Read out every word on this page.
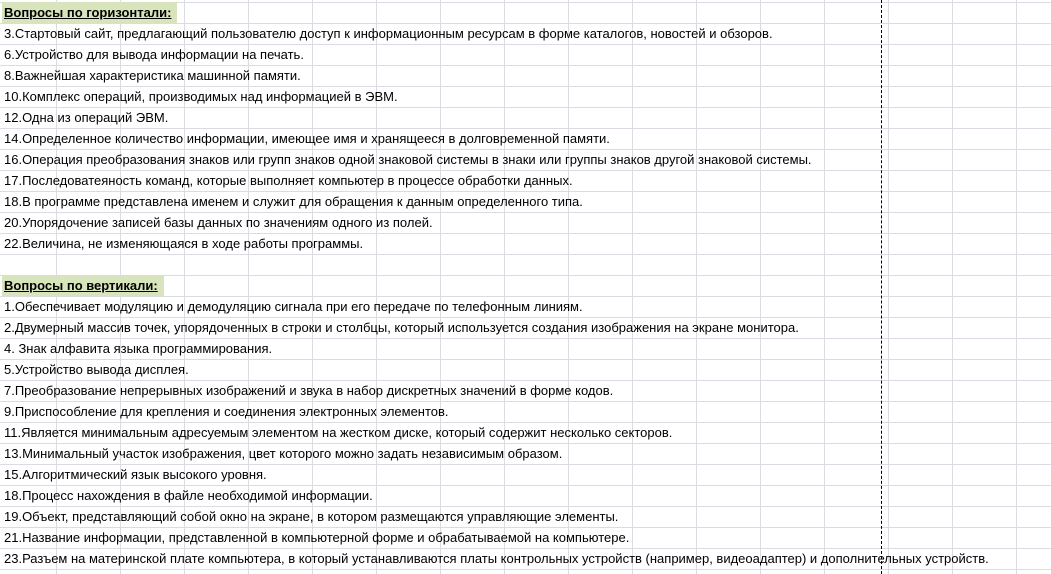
Вопросы по горизонтали:
3.Стартовый сайт, предлагающий пользователю доступ к информационным ресурсам в форме каталогов, новостей и обзоров.
6.Устройство для вывода информации на печать.
8.Важнейшая характеристика машинной памяти.
10.Комплекс операций, производимых над информацией в ЭВМ.
12.Одна из операций ЭВМ.
14.Определенное количество информации, имеющее имя и хранящееся в долговременной памяти.
16.Операция преобразования знаков или групп знаков одной знаковой системы в знаки или группы знаков другой знаковой системы.
17.Последоватеяность команд, которые выполняет компьютер в процессе обработки данных.
18.В программе представлена именем и служит для обращения к данным определенного типа.
20.Упорядочение записей базы данных по значениям одного из полей.
22.Величина, не изменяющаяся в ходе работы программы.
Вопросы по вертикали:
1.Обеспечивает модуляцию и демодуляцию сигнала при его передаче по телефонным линиям.
2.Двумерный массив точек, упорядоченных в строки и столбцы, который используется создания изображения на экране монитора.
4. Знак алфавита языка программирования.
5.Устройство вывода дисплея.
7.Преобразование непрерывных изображений и звука в набор дискретных значений в форме кодов.
9.Приспособление для крепления и соединения электронных элементов.
11.Является минимальным адресуемым элементом на жестком диске, который содержит несколько секторов.
13.Минимальный участок изображения, цвет которого можно задать независимым образом.
15.Алгоритмический язык высокого уровня.
18.Процесс нахождения в файле необходимой информации.
19.Объект, представляющий собой окно на экране, в котором размещаются управляющие элементы.
21.Название информации, представленной в компьютерной форме и обрабатываемой на компьютере.
23.Разъем на материнской плате компьютера, в который устанавливаются платы контрольных устройств (например, видеоадаптер) и дополнительных устройств.
